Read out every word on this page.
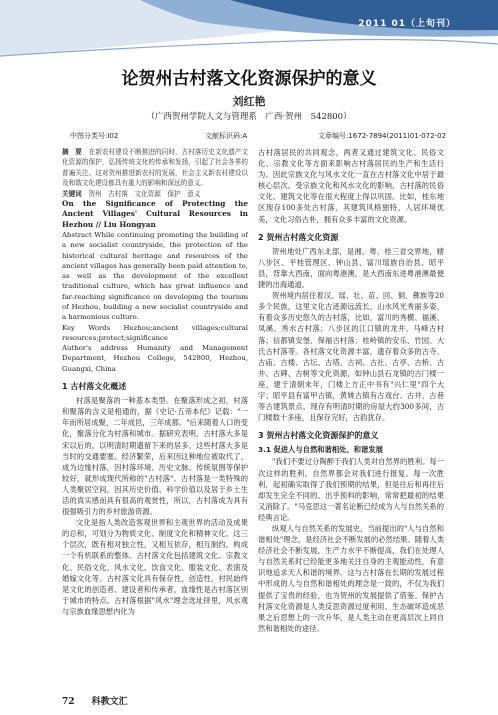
2011 01（上旬刊）
论贺州古村落文化资源保护的意义
刘红艳
（广西贺州学院人文与管理系　广西·贺州　542800）
中图分类号:I02	文献标识码:A	文章编号:1672-7894(2011)01-072-02

摘　要　 在新农村建设不断推进的同时，古村落历史文化遗产文化资源的保护，弘扬传统文化的传承和发扬，引起了社会各界的普遍关注。这对贺州推进新农村的发展，社会主义新农村建设以及和谐文化建设都具有重大的影响和深远的意义。

关键词　 贺州　古村落　文化资源　保护　意义

On the Significance of Protecting the Ancient Villages' Cultural Resources in Hezhou // Liu Hongyan

Abstract While continuing promoting the building of a new socialist countryside, the protection of the historical cultural heritage and resources of the ancient villages has generally been paid attention to, as well as the development of the excellent traditional culture, which has great influence and far-reaching significance on developing the tourism of Hezhou, building a new socialist countryside and a harmonious culture.

Key Words Hezhou;ancient villages;cultural resources;protect;significance

Author's address Humanity and Management Department, Hezhou College, 542800, Hezhou, Guangxi, China

1 古村落文化概述

村落是聚落的一种基本类型。在聚落形成之初，村落和聚落的含义是相通的，据《史记·五帝本纪》记载："一年而所居成聚，二年成邑，三年成都。"后来随着人口的变化，聚落分化为村落和城市。据研究表明，古村落大多是宋以后的，以明清时期遗留下来的居多。这些村落大多是当时的交通要塞、经济繁荣，后来因这种地位被取代了，成为边缘村落，因村落环境、历史文脉、传统氛围等保护较好，就形成现代所称的"古村落"。古村落是一类特殊的人类聚居空间，因其历史价值、科学价值以及居于乡土生活的真实感而具有很高的观赏性，所以，古村落成为具有很强吸引力的乡村旅游资源。

文化是指人类改造客观世界和主观世界的活动及成果的总和，可划分为物质文化、制度文化和精神文化。这三个层次，既有相对独立性，又相互依存，相互制约，构成一个有机联系的整体。古村落文化包括建筑文化、宗教文化、民俗文化、风水文化、饮食文化、服装文化、表演及婚嫁文化等。古村落文化具有保存性、创造性。村民始终是文化的创造者、建设者和传承者，血缘性是古村落区别于城市的特点。古村落根据"风水"理念选址择里，风水观与宗族血缘思想内化为

古村落居民的共同观念，两者又通过建筑文化、民俗文化、宗教文化等方面来影响古村落居民的生产和生活行为。因此宗族文化与风水文化一直在古村落文化中居于最核心层次。受宗族文化和风水文化的影响，古村落的民俗文化、建筑文化等在很大程度上得以巩固。比如，桂东地区现存100多处古村落，其建筑风格独特、人居环境优美，文化习俗古朴，拥有众多丰富的文化资源。

2 贺州古村落文化资源

贺州地处广西东北部，是湘、粤、桂三省交界地，辖八步区、平桂管理区、钟山县、富川瑶族自治县、昭平县，背靠大西南，面向粤港澳，是大西南东进粤港澳最便捷的出海通道。

贺州境内居住着汉、瑶、壮、苗、回、侗、彝族等20多个民族，这里文化古迹源远流长，山水风光秀丽多姿，有着众多历史悠久的古村落，比如，富川的秀横、福溪、凤溪、秀水古村落；八步区的江口镇的龙井、马峰古村落；信都镇安堡、保福古村落；桂岭镇的安乐、竹园、大氏古村落等。各村落文化资源丰富，遗存着众多的古寺、古庙、古楼、古坛、古塔、古祠、古社、古亭、古桥、古井、古碑、古树等文化资源，如钟山县石龙镇的古门楼一座，建于清朝末年，门楼上方正中书有"兴仁里"四个大字；昭平县有富甲古镇，黄姚古镇有古戏台、古井、古巷等古建筑景点，现存有明清时期的房屋大约300多间，古门楼数十多座，且保存完好，古韵犹存。

3 贺州古村落文化资源保护的意义
3.1 促进人与自然和谐相处、和谐发展

"我们不要过分陶醉于我们人类对自然界的胜利。每一次这样的胜利，自然界都会对我们进行报复。每一次胜利，起初确实取得了我们预期的结果，但是往后和再往后却发生完全不同的、出乎预料的影响，常常把最初的结果又消除了。"马克思这一著名论断已经成为人与自然关系的经典言论。

纵观人与自然关系的发展史，当前提出的"人与自然和谐相处"理念，是经济社会不断发展的必然结果。随着人类经济社会不断发展，生产力水平不断提高，我们在处理人与自然关系时已经能更多地关注自身的主观能动性，有意识地追求天人和谐的境界。这与古村落在长期的发展过程中形成的人与自然和谐相处的理念是一致的，不仅为我们提供了宝贵的经验，也为贺州的发展提供了借鉴。保护古村落文化资源是人类反思资源过度利用、生态破坏造成恶果之后思想上的一次升华，是人类主动在更高层次上同自然和谐相处的途径。

72 科教文汇
